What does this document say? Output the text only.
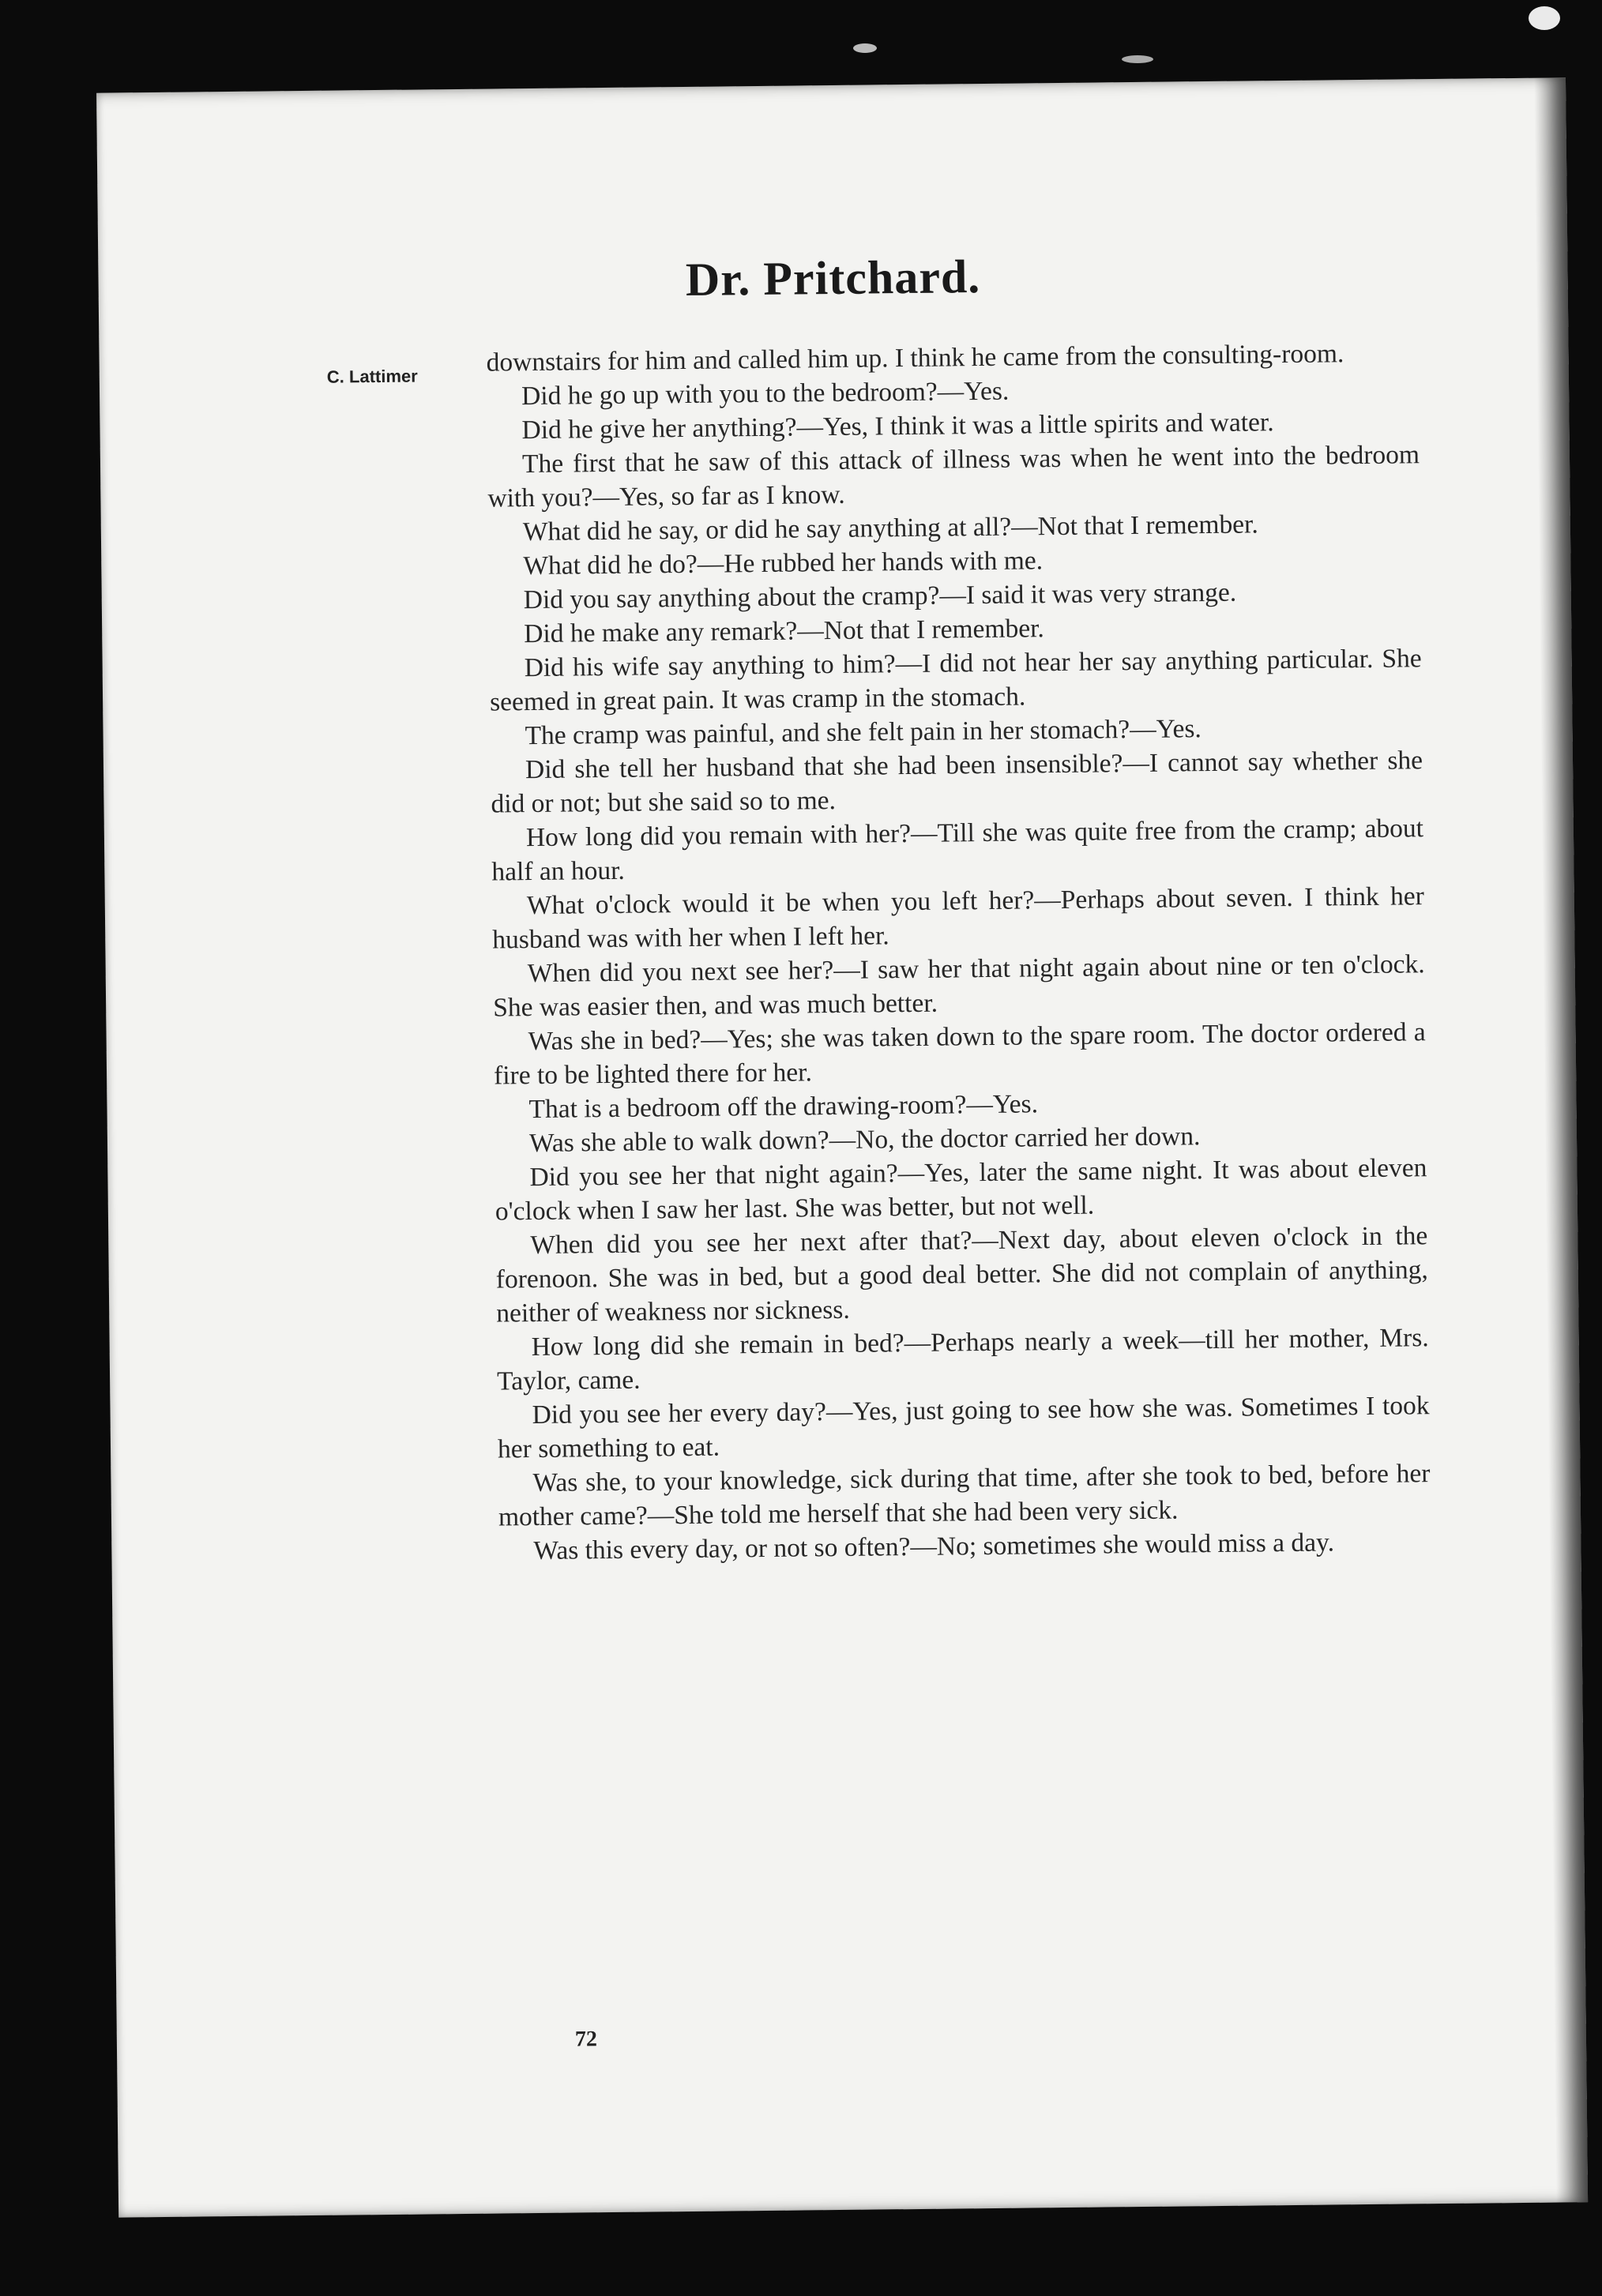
Dr. Pritchard.
C. Lattimer	downstairs for him and called him up. I think he came from the consulting-room.

Did he go up with you to the bedroom?—Yes.

Did he give her anything?—Yes, I think it was a little spirits and water.

The first that he saw of this attack of illness was when he went into the bedroom with you?—Yes, so far as I know.

What did he say, or did he say anything at all?—Not that I remember.

What did he do?—He rubbed her hands with me.

Did you say anything about the cramp?—I said it was very strange.

Did he make any remark?—Not that I remember.

Did his wife say anything to him?—I did not hear her say anything particular. She seemed in great pain. It was cramp in the stomach.

The cramp was painful, and she felt pain in her stomach?—Yes.

Did she tell her husband that she had been insensible?—I cannot say whether she did or not; but she said so to me.

How long did you remain with her?—Till she was quite free from the cramp; about half an hour.

What o'clock would it be when you left her?—Perhaps about seven. I think her husband was with her when I left her.

When did you next see her?—I saw her that night again about nine or ten o'clock. She was easier then, and was much better.

Was she in bed?—Yes; she was taken down to the spare room. The doctor ordered a fire to be lighted there for her.

That is a bedroom off the drawing-room?—Yes.

Was she able to walk down?—No, the doctor carried her down.

Did you see her that night again?—Yes, later the same night. It was about eleven o'clock when I saw her last. She was better, but not well.

When did you see her next after that?—Next day, about eleven o'clock in the forenoon. She was in bed, but a good deal better. She did not complain of anything, neither of weakness nor sickness.

How long did she remain in bed?—Perhaps nearly a week—till her mother, Mrs. Taylor, came.

Did you see her every day?—Yes, just going to see how she was. Sometimes I took her something to eat.

Was she, to your knowledge, sick during that time, after she took to bed, before her mother came?—She told me herself that she had been very sick.

Was this every day, or not so often?—No; sometimes she would miss a day.

72
